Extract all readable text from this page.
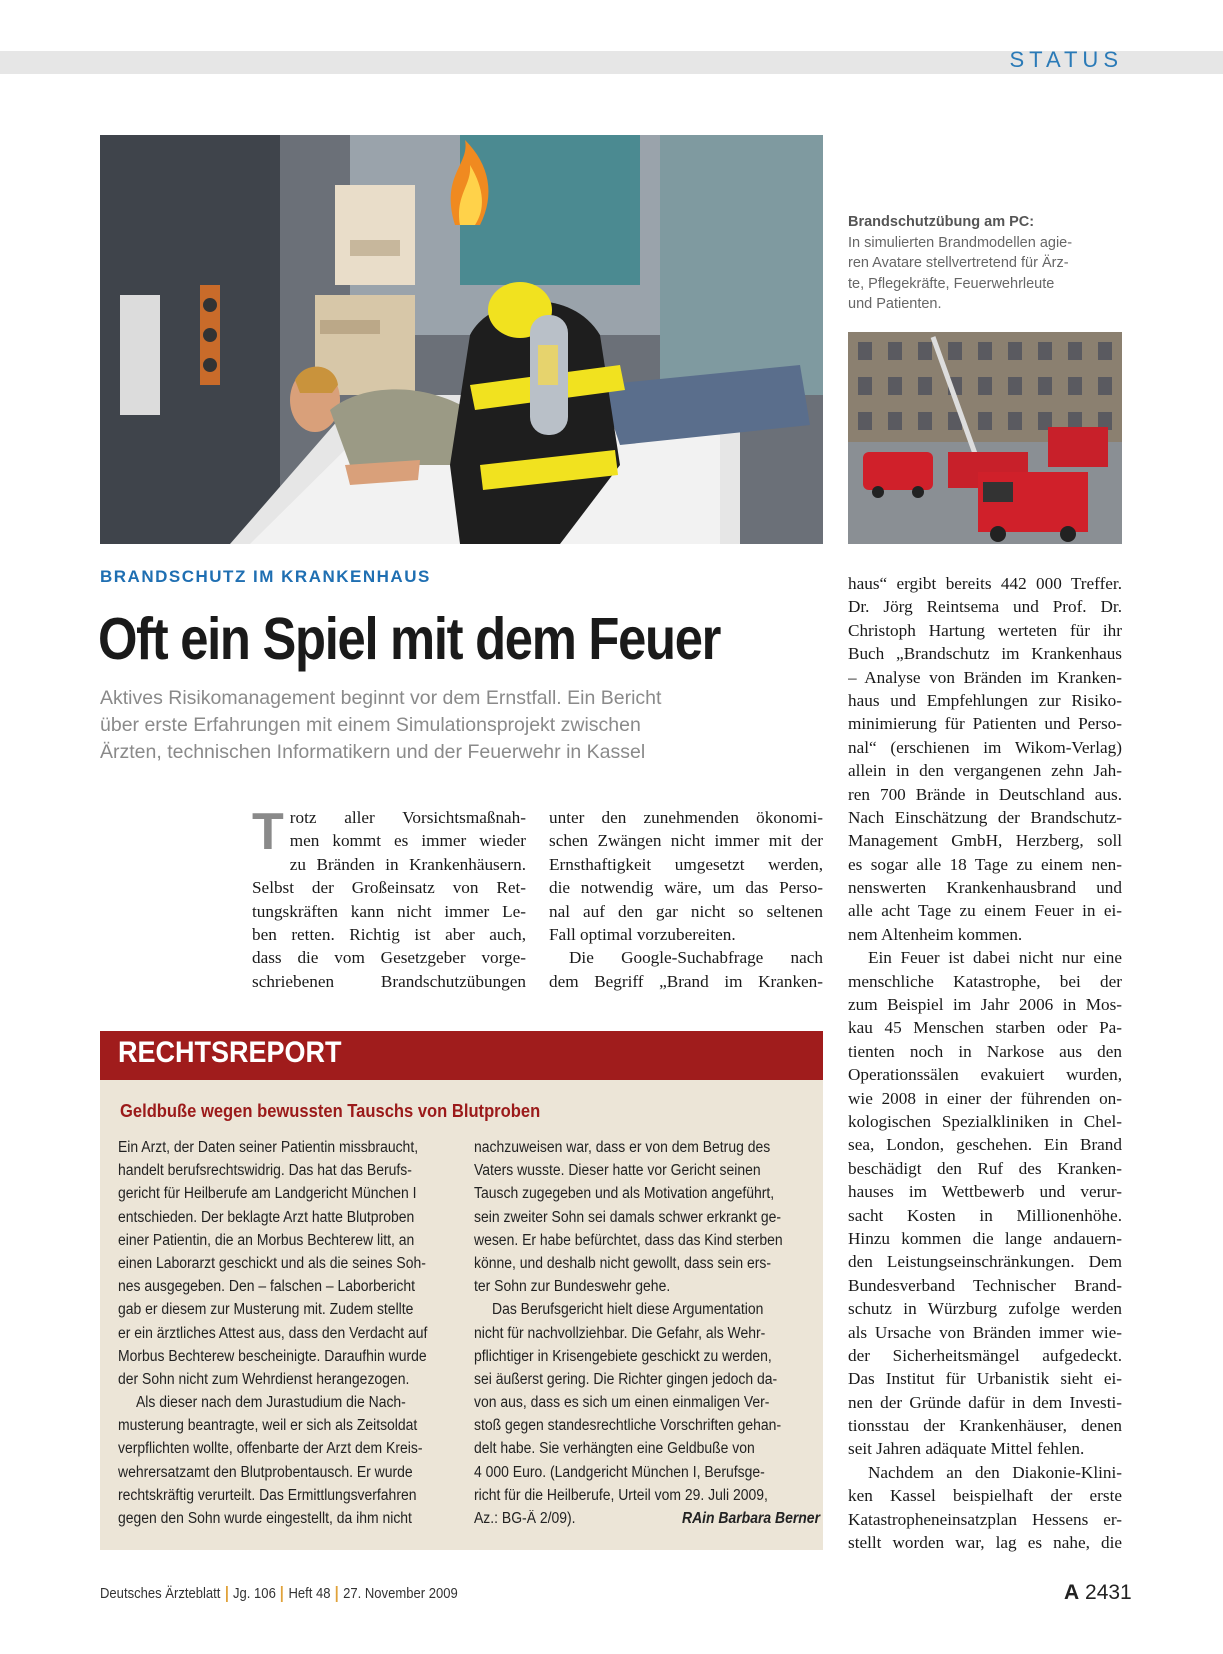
STATUS
Brandschutzübung am PC:
In simulierten Brandmodellen agie-
ren Avatare stellvertretend für Ärz-
te, Pflegekräfte, Feuerwehrleute
und Patienten.
BRANDSCHUTZ IM KRANKENHAUS
Oft ein Spiel mit dem Feuer
Aktives Risikomanagement beginnt vor dem Ernstfall. Ein Bericht
über erste Erfahrungen mit einem Simulationsprojekt zwischen
Ärzten, technischen Informatikern und der Feuerwehr in Kassel
T rotz aller Vorsichtsmaßnah-
men kommt es immer wieder
zu Bränden in Krankenhäusern.
Selbst der Großeinsatz von Ret-
tungskräften kann nicht immer Le-
ben retten. Richtig ist aber auch,
dass die vom Gesetzgeber vorge-
schriebenen Brandschutzübungen
unter den zunehmenden ökonomi-
schen Zwängen nicht immer mit der
Ernsthaftigkeit umgesetzt werden,
die notwendig wäre, um das Perso-
nal auf den gar nicht so seltenen
Fall optimal vorzubereiten.
Die Google-Suchabfrage nach
dem Begriff „Brand im Kranken-
haus“ ergibt bereits 442 000 Treffer.
Dr. Jörg Reintsema und Prof. Dr.
Christoph Hartung werteten für ihr
Buch „Brandschutz im Krankenhaus
– Analyse von Bränden im Kranken-
haus und Empfehlungen zur Risiko-
minimierung für Patienten und Perso-
nal“ (erschienen im Wikom-Verlag)
allein in den vergangenen zehn Jah-
ren 700 Brände in Deutschland aus.
Nach Einschätzung der Brandschutz-
Management GmbH, Herzberg, soll
es sogar alle 18 Tage zu einem nen-
nenswerten Krankenhausbrand und
alle acht Tage zu einem Feuer in ei-
nem Altenheim kommen.
Ein Feuer ist dabei nicht nur eine
menschliche Katastrophe, bei der
zum Beispiel im Jahr 2006 in Mos-
kau 45 Menschen starben oder Pa-
tienten noch in Narkose aus den
Operationssälen evakuiert wurden,
wie 2008 in einer der führenden on-
kologischen Spezialkliniken in Chel-
sea, London, geschehen. Ein Brand
beschädigt den Ruf des Kranken-
hauses im Wettbewerb und verur-
sacht Kosten in Millionenhöhe.
Hinzu kommen die lange andauern-
den Leistungseinschränkungen. Dem
Bundesverband Technischer Brand-
schutz in Würzburg zufolge werden
als Ursache von Bränden immer wie-
der Sicherheitsmängel aufgedeckt.
Das Institut für Urbanistik sieht ei-
nen der Gründe dafür in dem Investi-
tionsstau der Krankenhäuser, denen
seit Jahren adäquate Mittel fehlen.
Nachdem an den Diakonie-Klini-
ken Kassel beispielhaft der erste
Katastropheneinsatzplan Hessens er-
stellt worden war, lag es nahe, die
RECHTSREPORT
Geldbuße wegen bewussten Tauschs von Blutproben
Ein Arzt, der Daten seiner Patientin missbraucht,
handelt berufsrechtswidrig. Das hat das Berufs-
gericht für Heilberufe am Landgericht München I
entschieden. Der beklagte Arzt hatte Blutproben
einer Patientin, die an Morbus Bechterew litt, an
einen Laborarzt geschickt und als die seines Soh-
nes ausgegeben. Den – falschen – Laborbericht
gab er diesem zur Musterung mit. Zudem stellte
er ein ärztliches Attest aus, dass den Verdacht auf
Morbus Bechterew bescheinigte. Daraufhin wurde
der Sohn nicht zum Wehrdienst herangezogen.
Als dieser nach dem Jurastudium die Nach-
musterung beantragte, weil er sich als Zeitsoldat
verpflichten wollte, offenbarte der Arzt dem Kreis-
wehrersatzamt den Blutprobentausch. Er wurde
rechtskräftig verurteilt. Das Ermittlungsverfahren
gegen den Sohn wurde eingestellt, da ihm nicht
nachzuweisen war, dass er von dem Betrug des
Vaters wusste. Dieser hatte vor Gericht seinen
Tausch zugegeben und als Motivation angeführt,
sein zweiter Sohn sei damals schwer erkrankt ge-
wesen. Er habe befürchtet, dass das Kind sterben
könne, und deshalb nicht gewollt, dass sein ers-
ter Sohn zur Bundeswehr gehe.
Das Berufsgericht hielt diese Argumentation
nicht für nachvollziehbar. Die Gefahr, als Wehr-
pflichtiger in Krisengebiete geschickt zu werden,
sei äußerst gering. Die Richter gingen jedoch da-
von aus, dass es sich um einen einmaligen Ver-
stoß gegen standesrechtliche Vorschriften gehan-
delt habe. Sie verhängten eine Geldbuße von
4 000 Euro. (Landgericht München I, Berufsge-
richt für die Heilberufe, Urteil vom 29. Juli 2009,
Az.: BG-Ä 2/09).	RAin Barbara Berner
Deutsches Ärzteblatt Jg. 106 Heft 48 27. November 2009	A 2431
